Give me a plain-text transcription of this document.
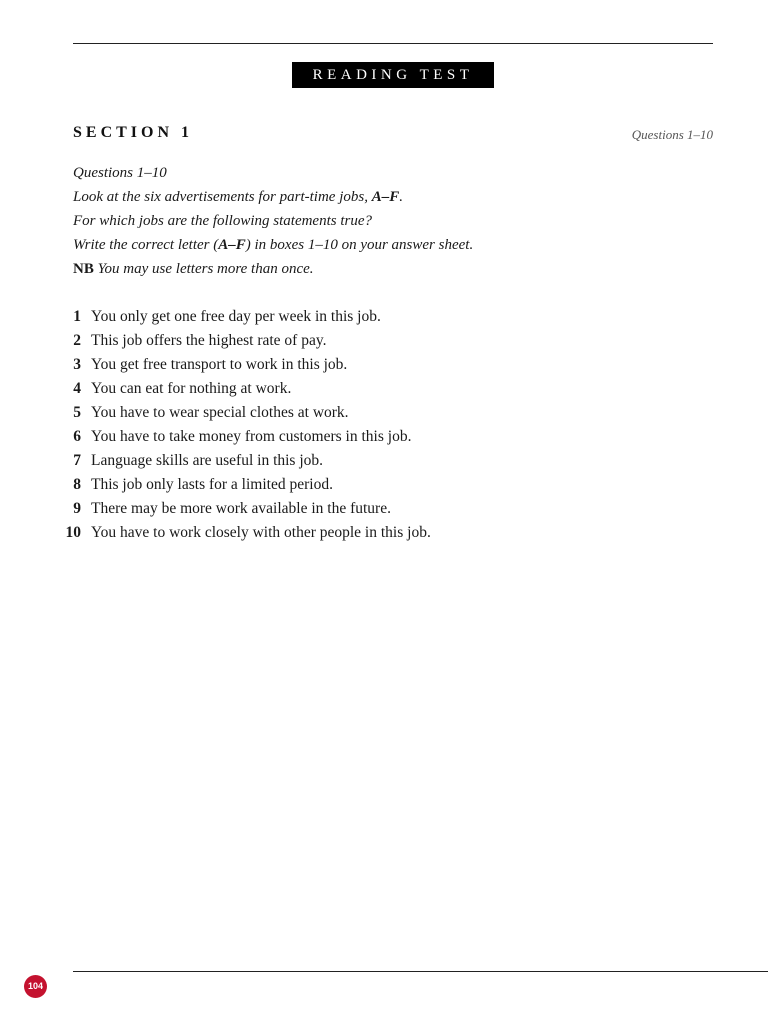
READING TEST
SECTION 1	Questions 1–10
Questions 1–10
Look at the six advertisements for part-time jobs, A–F.
For which jobs are the following statements true?
Write the correct letter (A–F) in boxes 1–10 on your answer sheet.
NB You may use letters more than once.
1 You only get one free day per week in this job.
2 This job offers the highest rate of pay.
3 You get free transport to work in this job.
4 You can eat for nothing at work.
5 You have to wear special clothes at work.
6 You have to take money from customers in this job.
7 Language skills are useful in this job.
8 This job only lasts for a limited period.
9 There may be more work available in the future.
10 You have to work closely with other people in this job.
104
